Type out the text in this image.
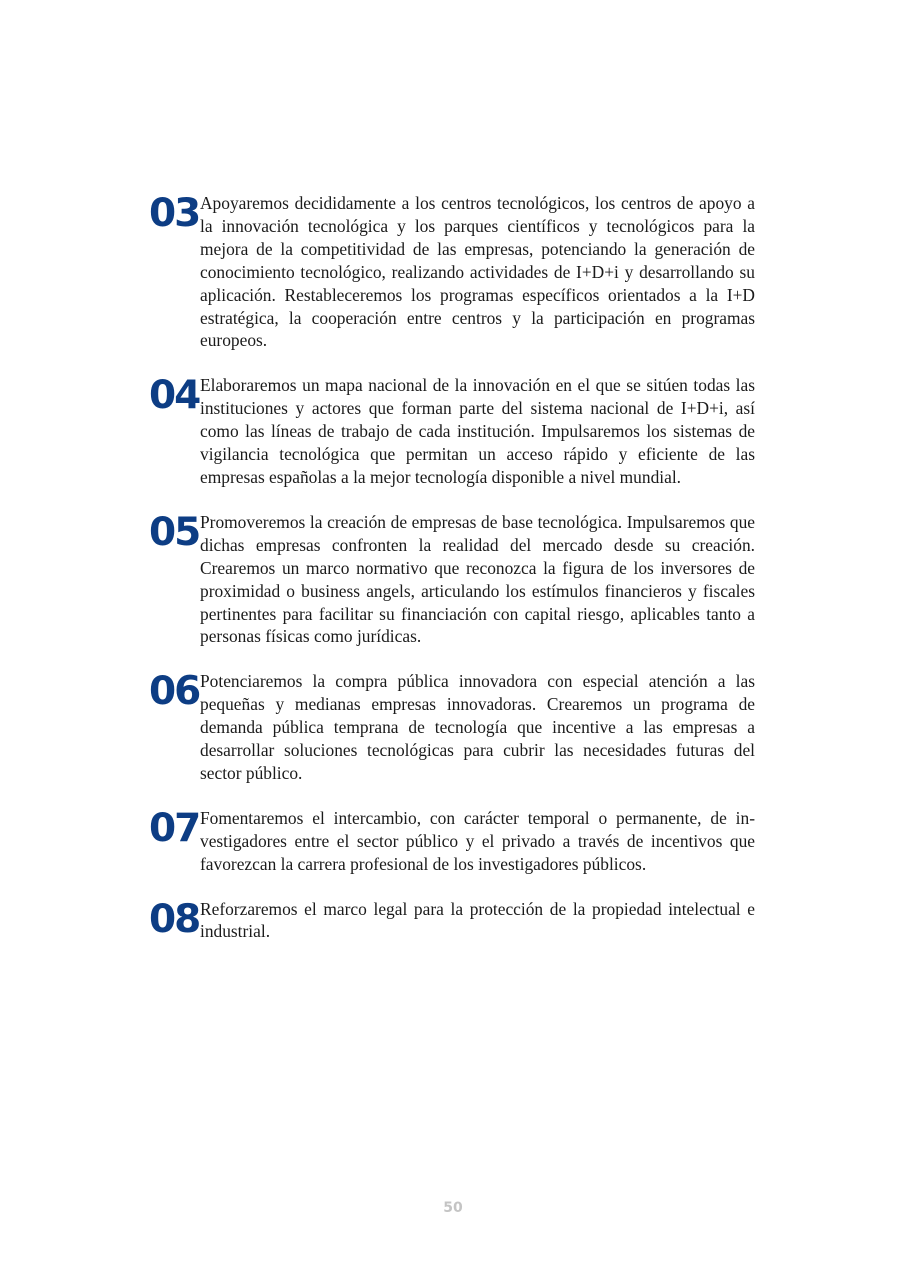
03 Apoyaremos decididamente a los centros tecnológicos, los centros de apoyo a la innovación tecnológica y los parques científicos y tecnológicos para la mejora de la competitividad de las empresas, potenciando la generación de conocimiento tecnológico, realizando actividades de I+D+i y desarrollando su aplicación. Restableceremos los programas específicos orientados a la I+D estratégica, la cooperación entre centros y la participación en programas europeos.

04 Elaboraremos un mapa nacional de la innovación en el que se sitúen todas las instituciones y actores que forman parte del sistema nacional de I+D+i, así como las líneas de trabajo de cada institución. Impulsaremos los sistemas de vigilancia tecnológica que permitan un acceso rápido y eficiente de las empresas españolas a la mejor tecnología disponible a nivel mundial.

05 Promoveremos la creación de empresas de base tecnológica. Impulsaremos que dichas empresas confronten la realidad del mercado desde su creación. Crearemos un marco normativo que reconozca la figura de los inversores de proximidad o business angels, articulando los estímulos financieros y fiscales pertinentes para facilitar su financiación con capital riesgo, aplicables tanto a personas físicas como jurídicas.

06 Potenciaremos la compra pública innovadora con especial atención a las pequeñas y medianas empresas innovadoras. Crearemos un programa de demanda pública temprana de tecnología que incentive a las empresas a desarrollar soluciones tecnológicas para cubrir las necesidades futuras del sector público.

07 Fomentaremos el intercambio, con carácter temporal o permanente, de investigadores entre el sector público y el privado a través de incentivos que favorezcan la carrera profesional de los investigadores públicos.

08 Reforzaremos el marco legal para la protección de la propiedad intelectual e industrial.

50
